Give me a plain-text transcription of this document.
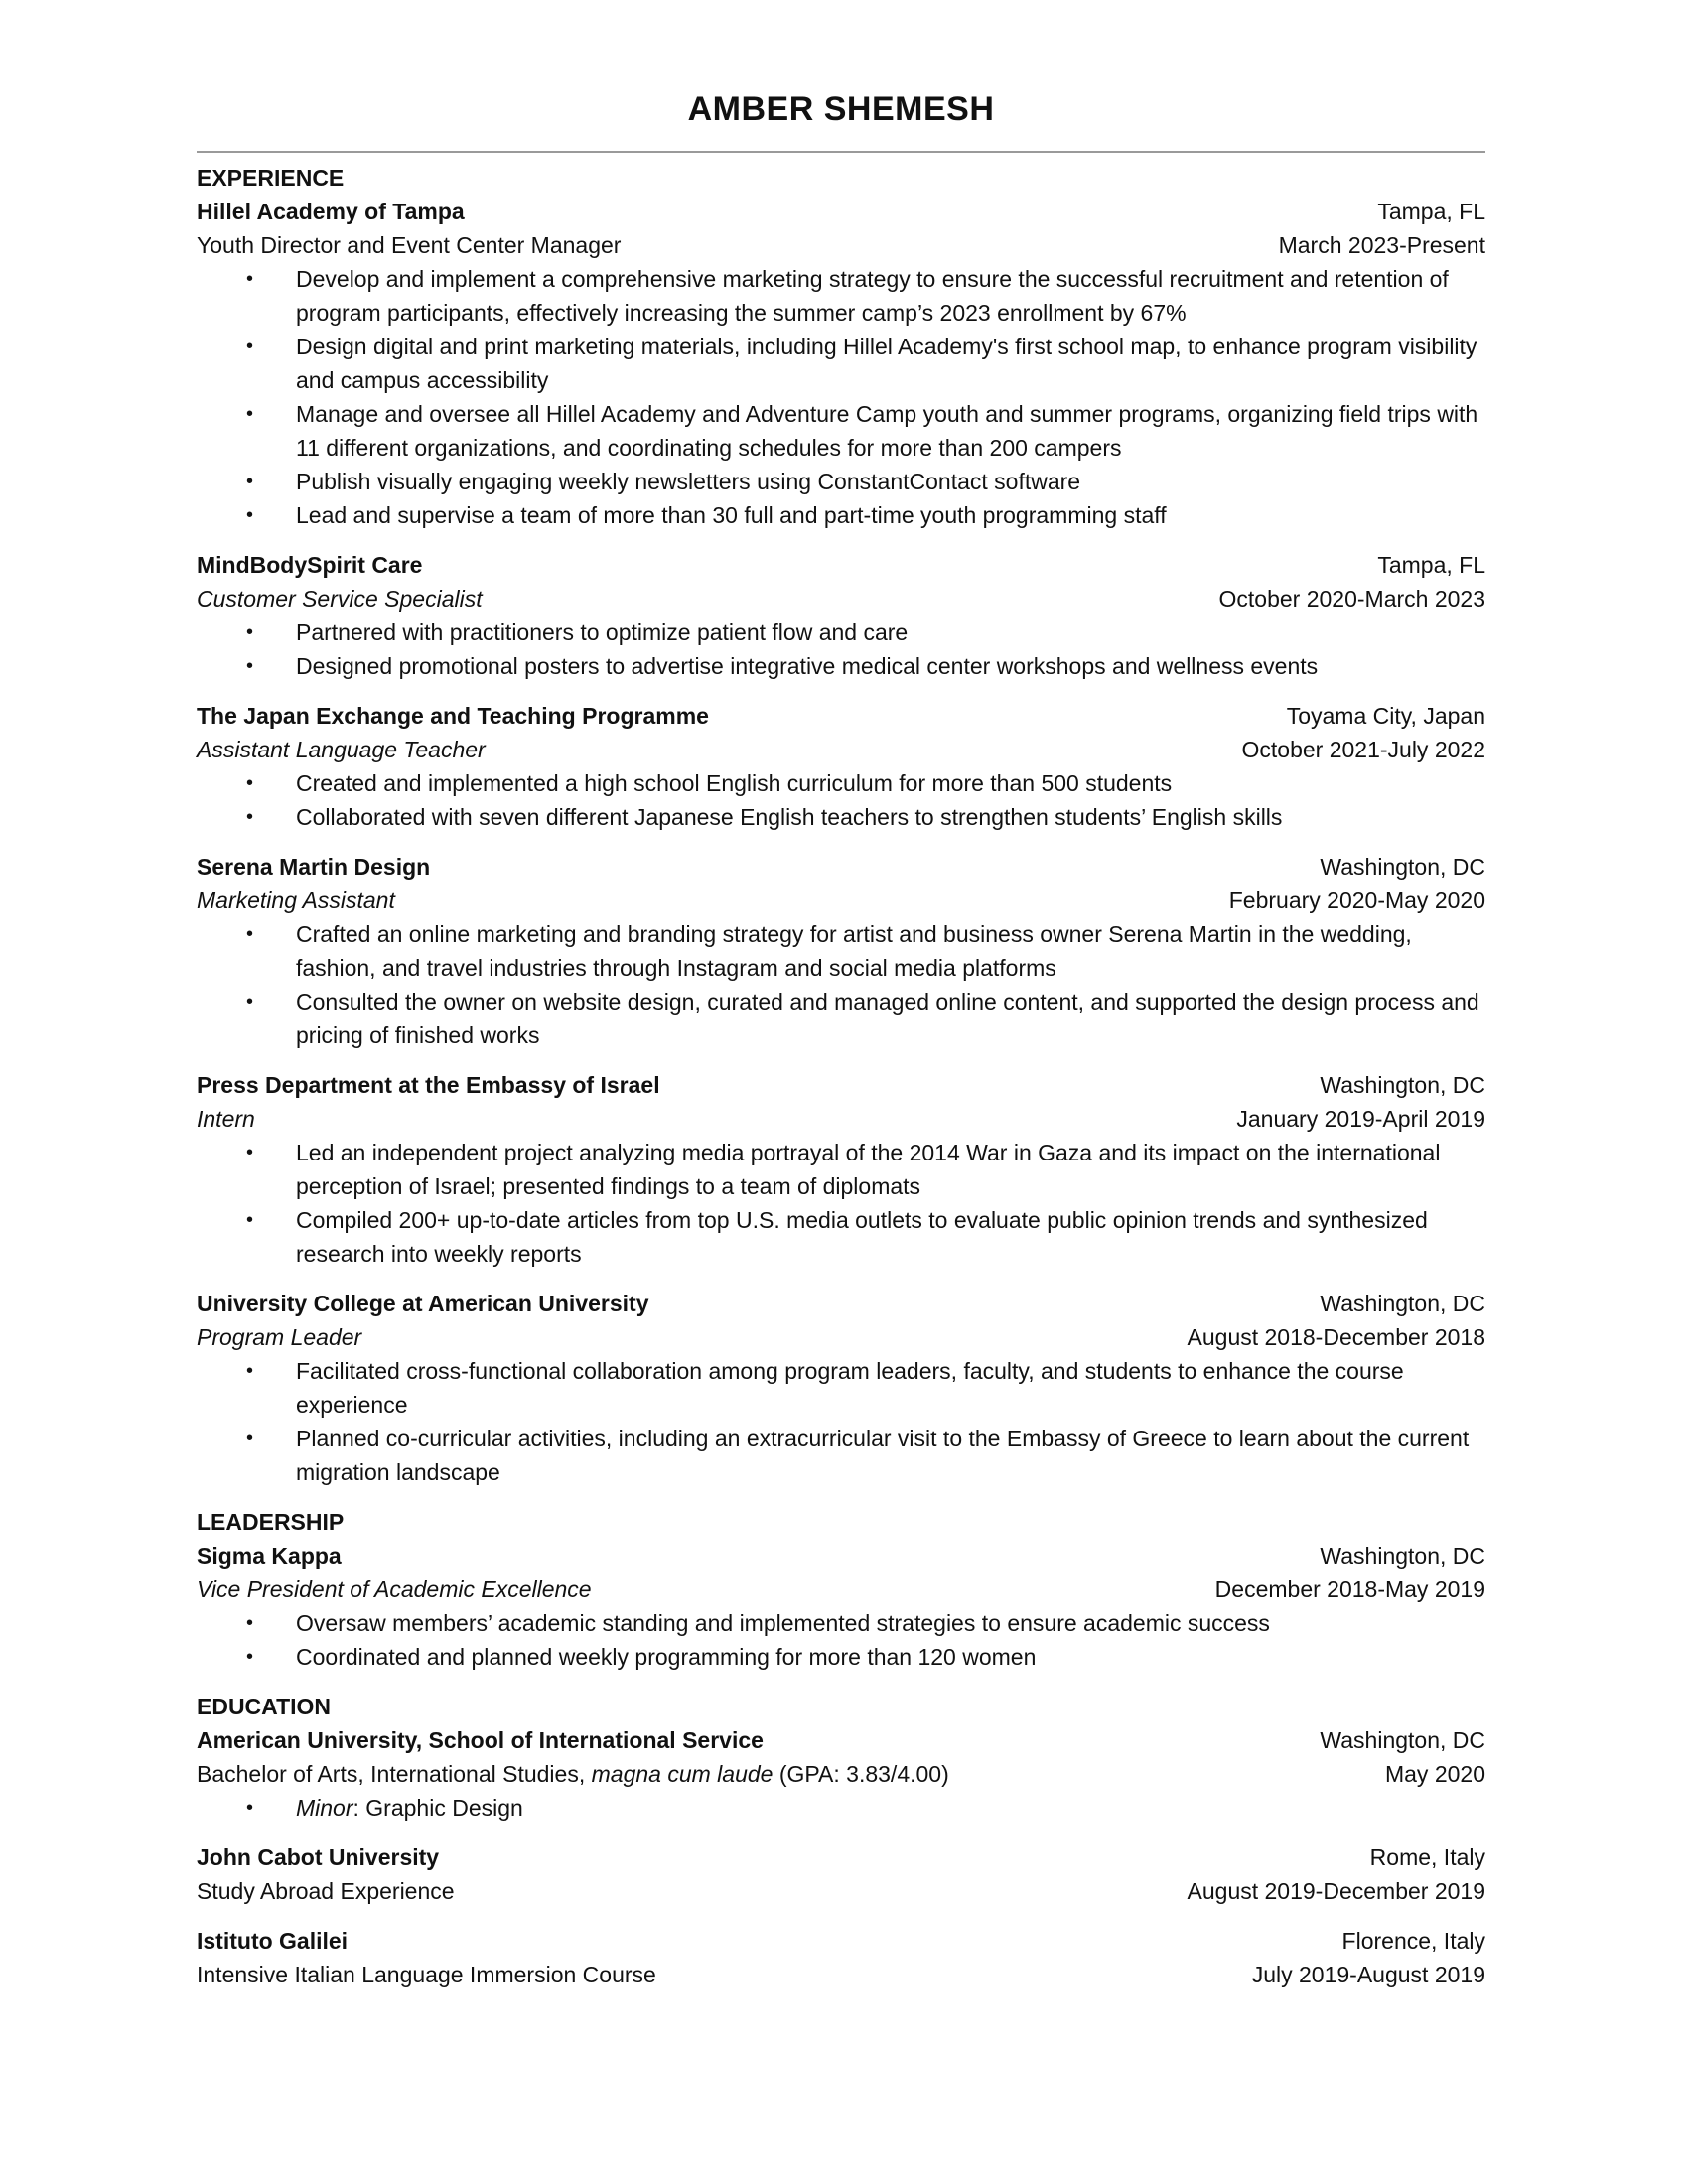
AMBER SHEMESH
EXPERIENCE
Hillel Academy of Tampa	Tampa, FL
Youth Director and Event Center Manager	March 2023-Present
• Develop and implement a comprehensive marketing strategy to ensure the successful recruitment and retention of program participants, effectively increasing the summer camp’s 2023 enrollment by 67%
• Design digital and print marketing materials, including Hillel Academy's first school map, to enhance program visibility and campus accessibility
• Manage and oversee all Hillel Academy and Adventure Camp youth and summer programs, organizing field trips with 11 different organizations, and coordinating schedules for more than 200 campers
• Publish visually engaging weekly newsletters using ConstantContact software
• Lead and supervise a team of more than 30 full and part-time youth programming staff
MindBodySpirit Care	Tampa, FL
Customer Service Specialist	October 2020-March 2023
• Partnered with practitioners to optimize patient flow and care
• Designed promotional posters to advertise integrative medical center workshops and wellness events
The Japan Exchange and Teaching Programme	Toyama City, Japan
Assistant Language Teacher	October 2021-July 2022
• Created and implemented a high school English curriculum for more than 500 students
• Collaborated with seven different Japanese English teachers to strengthen students’ English skills
Serena Martin Design	Washington, DC
Marketing Assistant	February 2020-May 2020
• Crafted an online marketing and branding strategy for artist and business owner Serena Martin in the wedding, fashion, and travel industries through Instagram and social media platforms
• Consulted the owner on website design, curated and managed online content, and supported the design process and pricing of finished works
Press Department at the Embassy of Israel	Washington, DC
Intern	January 2019-April 2019
• Led an independent project analyzing media portrayal of the 2014 War in Gaza and its impact on the international perception of Israel; presented findings to a team of diplomats
• Compiled 200+ up-to-date articles from top U.S. media outlets to evaluate public opinion trends and synthesized research into weekly reports
University College at American University	Washington, DC
Program Leader	August 2018-December 2018
• Facilitated cross-functional collaboration among program leaders, faculty, and students to enhance the course experience
• Planned co-curricular activities, including an extracurricular visit to the Embassy of Greece to learn about the current migration landscape
LEADERSHIP
Sigma Kappa	Washington, DC
Vice President of Academic Excellence	December 2018-May 2019
• Oversaw members’ academic standing and implemented strategies to ensure academic success
• Coordinated and planned weekly programming for more than 120 women
EDUCATION
American University, School of International Service	Washington, DC
Bachelor of Arts, International Studies, magna cum laude (GPA: 3.83/4.00)	May 2020
• Minor: Graphic Design
John Cabot University	Rome, Italy
Study Abroad Experience	August 2019-December 2019
Istituto Galilei	Florence, Italy
Intensive Italian Language Immersion Course	July 2019-August 2019
